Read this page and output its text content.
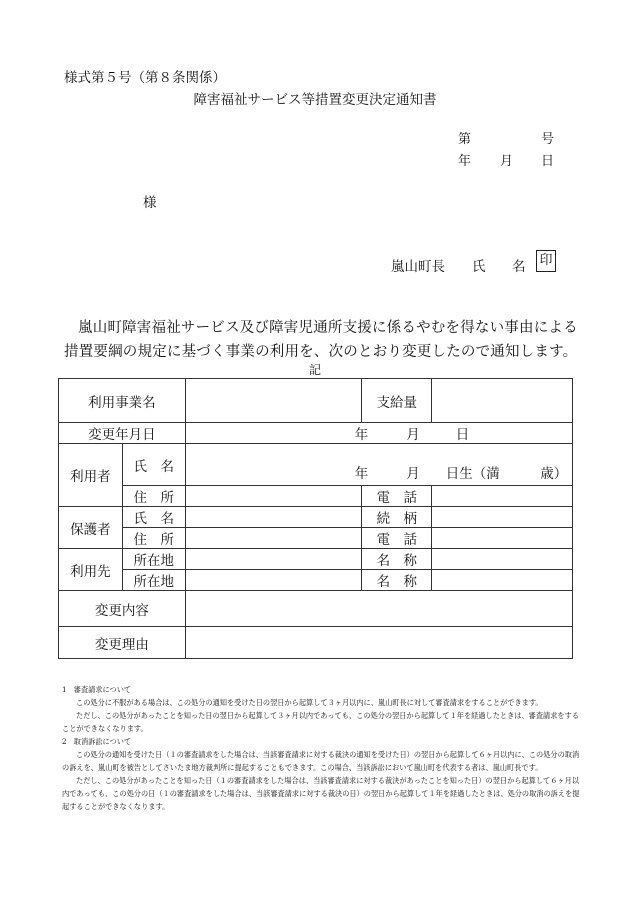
様式第５号（第８条関係）
障害福祉サービス等措置変更決定通知書
第	号
年 月 日
様
嵐山町長 氏 名 印
嵐山町障害福祉サービス及び障害児通所支援に係るやむを得ない事由による措置要綱の規定に基づく事業の利用を、次のとおり変更したので通知します。
記
利用事業名			支給量	
変更年月日		年 月 日		
利用者	氏　名	年 月 日生（満　　　歳）		
	住　所		電　話	
保護者	氏　名		続　柄	
	住　所		電　話	
利用先	所在地		名　称	
	所在地		名　称	
変更内容				
変更理由				

1　審査請求について

この処分に不服がある場合は、この処分の通知を受けた日の翌日から起算して３ヶ月以内に、嵐山町長に対して審査請求をすることができます。

ただし、この処分があったことを知った日の翌日から起算して３ヶ月以内であっても、この処分の翌日から起算して１年を経過したときは、審査請求をすることができなくなります。

2　取消訴訟について

この処分の通知を受けた日（１の審査請求をした場合は、当該審査請求に対する裁決の通知を受けた日）の翌日から起算して６ヶ月以内に、この処分の取消の訴えを、嵐山町を被告としてさいたま地方裁判所に提起することもできます。この場合、当該訴訟において嵐山町を代表する者は、嵐山町長です。

ただし、この処分があったことを知った日（１の審査請求をした場合は、当該審査請求に対する裁決があったことを知った日）の翌日から起算して６ヶ月以内であっても、この処分の日（１の審査請求をした場合は、当該審査請求に対する裁決の日）の翌日から起算して１年を経過したときは、処分の取消の訴えを提起することができなくなります。
